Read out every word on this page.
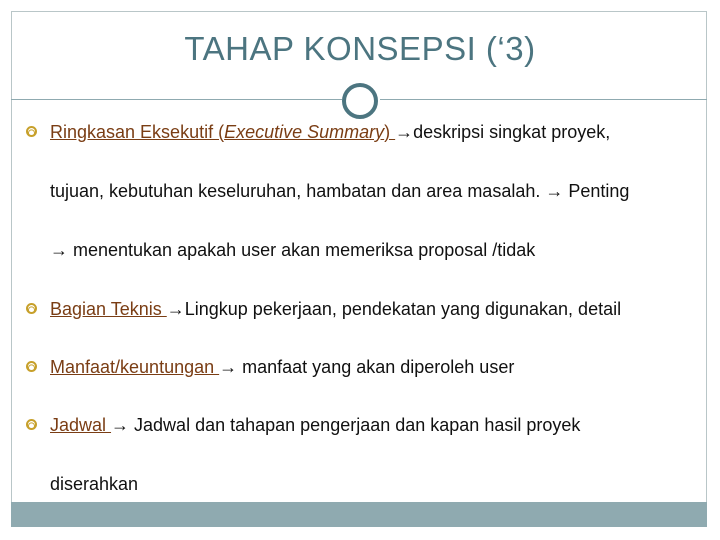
TAHAP KONSEPSI (‘3)
Ringkasan Eksekutif (Executive Summary) →deskripsi singkat proyek,
tujuan, kebutuhan keseluruhan, hambatan dan area masalah. → Penting
→ menentukan apakah user akan memeriksa proposal /tidak
Bagian Teknis →Lingkup pekerjaan, pendekatan yang digunakan, detail
Manfaat/keuntungan → manfaat yang akan diperoleh user
Jadwal → Jadwal dan tahapan pengerjaan dan kapan hasil proyek
diserahkan
